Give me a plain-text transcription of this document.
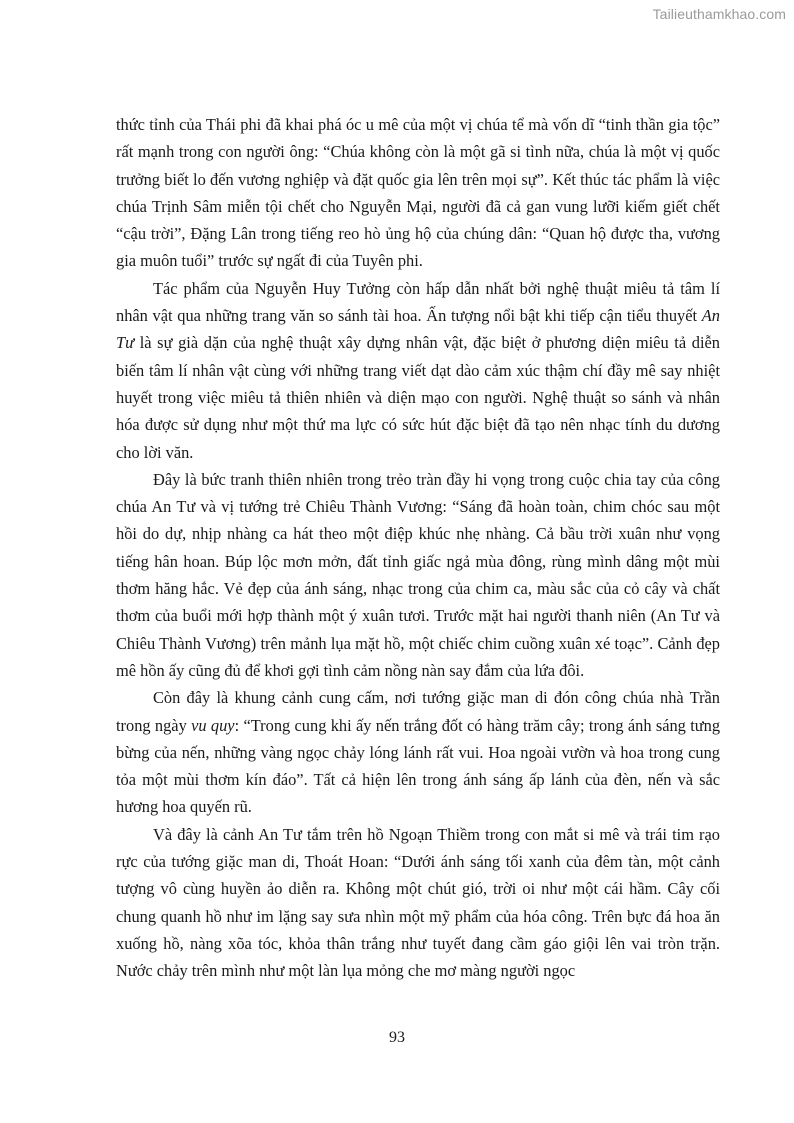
Tailieuthamkhao.com

thức tỉnh của Thái phi đã khai phá óc u mê của một vị chúa tể mà vốn dĩ “tinh thần gia tộc” rất mạnh trong con người ông: “Chúa không còn là một gã si tình nữa, chúa là một vị quốc trưởng biết lo đến vương nghiệp và đặt quốc gia lên trên mọi sự”. Kết thúc tác phẩm là việc chúa Trịnh Sâm miễn tội chết cho Nguyễn Mại, người đã cả gan vung lưỡi kiếm giết chết “cậu trời”, Đặng Lân trong tiếng reo hò ủng hộ của chúng dân: “Quan hộ được tha, vương gia muôn tuổi” trước sự ngất đi của Tuyên phi.

Tác phẩm của Nguyễn Huy Tưởng còn hấp dẫn nhất bởi nghệ thuật miêu tả tâm lí nhân vật qua những trang văn so sánh tài hoa. Ấn tượng nổi bật khi tiếp cận tiểu thuyết An Tư là sự già dặn của nghệ thuật xây dựng nhân vật, đặc biệt ở phương diện miêu tả diễn biến tâm lí nhân vật cùng với những trang viết dạt dào cảm xúc thậm chí đầy mê say nhiệt huyết trong việc miêu tả thiên nhiên và diện mạo con người. Nghệ thuật so sánh và nhân hóa được sử dụng như một thứ ma lực có sức hút đặc biệt đã tạo nên nhạc tính du dương cho lời văn.

Đây là bức tranh thiên nhiên trong trẻo tràn đầy hi vọng trong cuộc chia tay của công chúa An Tư và vị tướng trẻ Chiêu Thành Vương: “Sáng đã hoàn toàn, chim chóc sau một hồi do dự, nhịp nhàng ca hát theo một điệp khúc nhẹ nhàng. Cả bầu trời xuân như vọng tiếng hân hoan. Búp lộc mơn mởn, đất tỉnh giấc ngả mùa đông, rùng mình dâng một mùi thơm hăng hắc. Vẻ đẹp của ánh sáng, nhạc trong của chim ca, màu sắc của cỏ cây và chất thơm của buổi mới hợp thành một ý xuân tươi. Trước mặt hai người thanh niên (An Tư và Chiêu Thành Vương) trên mảnh lụa mặt hồ, một chiếc chim cuồng xuân xé toạc”. Cảnh đẹp mê hồn ấy cũng đủ để khơi gợi tình cảm nồng nàn say đắm của lứa đôi.

Còn đây là khung cảnh cung cấm, nơi tướng giặc man di đón công chúa nhà Trần trong ngày vu quy: “Trong cung khi ấy nến trắng đốt có hàng trăm cây; trong ánh sáng tưng bừng của nến, những vàng ngọc chảy lóng lánh rất vui. Hoa ngoài vườn và hoa trong cung tỏa một mùi thơm kín đáo”. Tất cả hiện lên trong ánh sáng ấp lánh của đèn, nến và sắc hương hoa quyến rũ.

Và đây là cảnh An Tư tắm trên hồ Ngoạn Thiềm trong con mắt si mê và trái tim rạo rực của tướng giặc man di, Thoát Hoan: “Dưới ánh sáng tối xanh của đêm tàn, một cảnh tượng vô cùng huyền ảo diễn ra. Không một chút gió, trời oi như một cái hầm. Cây cối chung quanh hồ như im lặng say sưa nhìn một mỹ phẩm của hóa công. Trên bực đá hoa ăn xuống hồ, nàng xõa tóc, khỏa thân trắng như tuyết đang cầm gáo giội lên vai tròn trặn. Nước chảy trên mình như một làn lụa mỏng che mơ màng người ngọc

93
